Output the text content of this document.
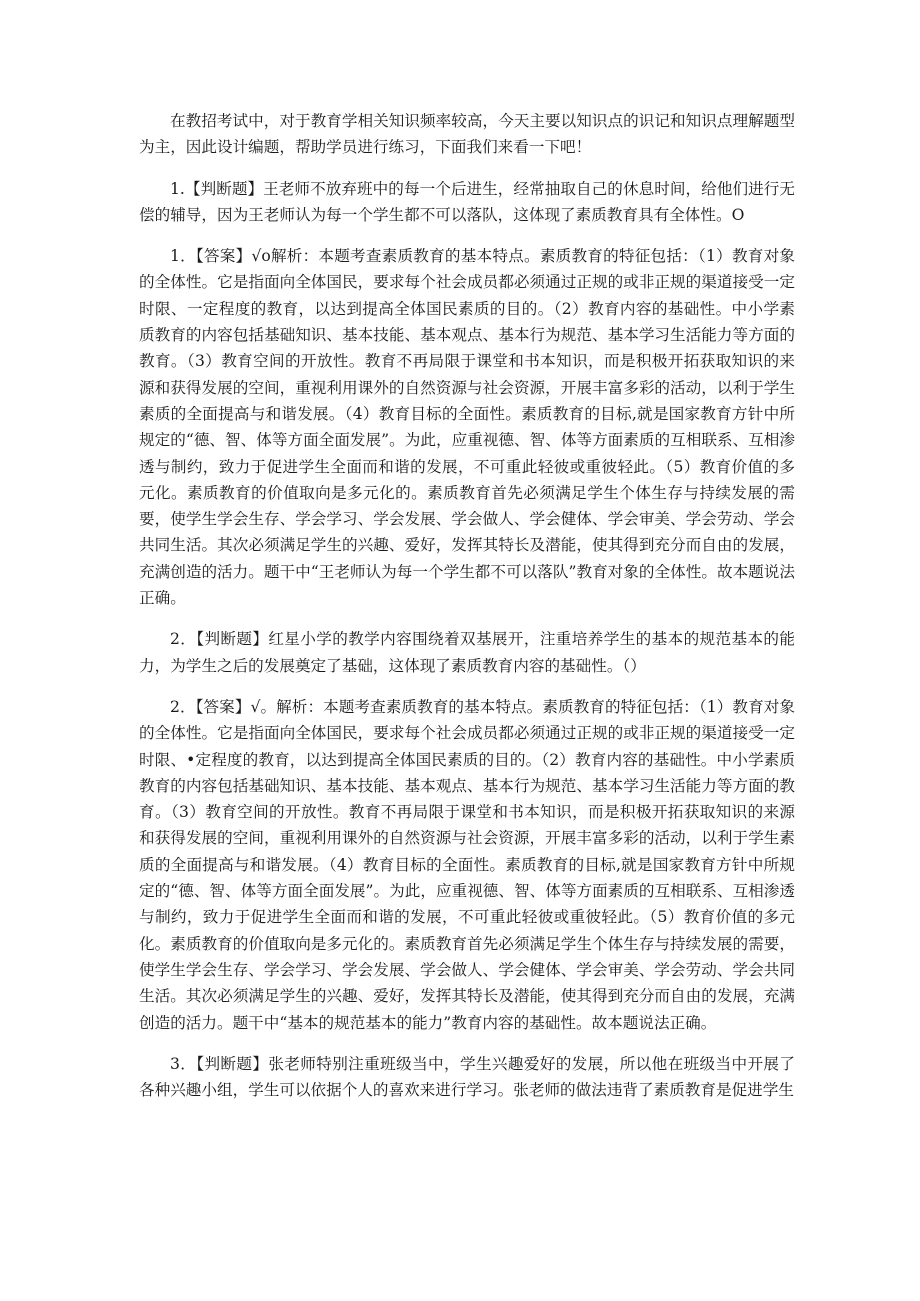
在教招考试中，对于教育学相关知识频率较高，今天主要以知识点的识记和知识点理解题型为主，因此设计编题，帮助学员进行练习，下面我们来看一下吧！

1.【判断题】王老师不放弃班中的每一个后进生，经常抽取自己的休息时间，给他们进行无偿的辅导，因为王老师认为每一个学生都不可以落队，这体现了素质教育具有全体性。O

1．【答案】√o解析：本题考查素质教育的基本特点。素质教育的特征包括：（1）教育对象的全体性。它是指面向全体国民，要求每个社会成员都必须通过正规的或非正规的渠道接受一定时限、一定程度的教育，以达到提高全体国民素质的目的。（2）教育内容的基础性。中小学素质教育的内容包括基础知识、基本技能、基本观点、基本行为规范、基本学习生活能力等方面的教育。（3）教育空间的开放性。教育不再局限于课堂和书本知识，而是积极开拓获取知识的来源和获得发展的空间，重视利用课外的自然资源与社会资源，开展丰富多彩的活动，以利于学生素质的全面提高与和谐发展。（4）教育目标的全面性。素质教育的目标,就是国家教育方针中所规定的“德、智、体等方面全面发展”。为此，应重视德、智、体等方面素质的互相联系、互相渗透与制约，致力于促进学生全面而和谐的发展，不可重此轻彼或重彼轻此。（5）教育价值的多元化。素质教育的价值取向是多元化的。素质教育首先必须满足学生个体生存与持续发展的需要，使学生学会生存、学会学习、学会发展、学会做人、学会健体、学会审美、学会劳动、学会共同生活。其次必须满足学生的兴趣、爱好，发挥其特长及潜能，使其得到充分而自由的发展，充满创造的活力。题干中“王老师认为每一个学生都不可以落队”教育对象的全体性。故本题说法正确。

2．【判断题】红星小学的教学内容围绕着双基展开，注重培养学生的基本的规范基本的能力，为学生之后的发展奠定了基础，这体现了素质教育内容的基础性。（）

2．【答案】√。解析：本题考查素质教育的基本特点。素质教育的特征包括：（1）教育对象的全体性。它是指面向全体国民，要求每个社会成员都必须通过正规的或非正规的渠道接受一定时限、•定程度的教育，以达到提高全体国民素质的目的。（2）教育内容的基础性。中小学素质教育的内容包括基础知识、基本技能、基本观点、基本行为规范、基本学习生活能力等方面的教育。（3）教育空间的开放性。教育不再局限于课堂和书本知识，而是积极开拓获取知识的来源和获得发展的空间，重视利用课外的自然资源与社会资源，开展丰富多彩的活动，以利于学生素质的全面提高与和谐发展。（4）教育目标的全面性。素质教育的目标,就是国家教育方针中所规定的“德、智、体等方面全面发展”。为此，应重视德、智、体等方面素质的互相联系、互相渗透与制约，致力于促进学生全面而和谐的发展，不可重此轻彼或重彼轻此。（5）教育价值的多元化。素质教育的价值取向是多元化的。素质教育首先必须满足学生个体生存与持续发展的需要，使学生学会生存、学会学习、学会发展、学会做人、学会健体、学会审美、学会劳动、学会共同生活。其次必须满足学生的兴趣、爱好，发挥其特长及潜能，使其得到充分而自由的发展，充满创造的活力。题干中“基本的规范基本的能力”教育内容的基础性。故本题说法正确。

3．【判断题】张老师特别注重班级当中，学生兴趣爱好的发展，所以他在班级当中开展了各种兴趣小组，学生可以依据个人的喜欢来进行学习。张老师的做法违背了素质教育是促进学生
